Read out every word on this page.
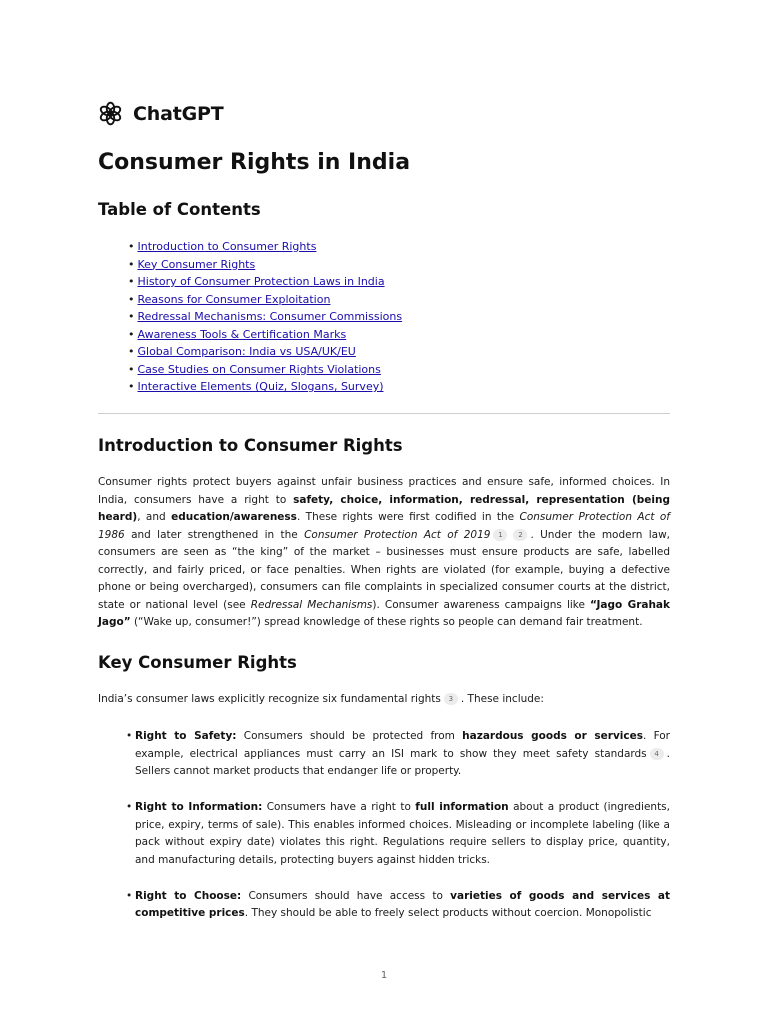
ChatGPT
Consumer Rights in India
Table of Contents
• Introduction to Consumer Rights
• Key Consumer Rights
• History of Consumer Protection Laws in India
• Reasons for Consumer Exploitation
• Redressal Mechanisms: Consumer Commissions
• Awareness Tools & Certification Marks
• Global Comparison: India vs USA/UK/EU
• Case Studies on Consumer Rights Violations
• Interactive Elements (Quiz, Slogans, Survey)
Introduction to Consumer Rights

Consumer rights protect buyers against unfair business practices and ensure safe, informed choices. In India, consumers have a right to safety, choice, information, redressal, representation (being heard), and education/awareness. These rights were first codified in the Consumer Protection Act of 1986 and later strengthened in the Consumer Protection Act of 2019 1 2 . Under the modern law, consumers are seen as “the king” of the market – businesses must ensure products are safe, labelled correctly, and fairly priced, or face penalties. When rights are violated (for example, buying a defective phone or being overcharged), consumers can file complaints in specialized consumer courts at the district, state or national level (see Redressal Mechanisms). Consumer awareness campaigns like “Jago Grahak Jago” (“Wake up, consumer!”) spread knowledge of these rights so people can demand fair treatment.

Key Consumer Rights

India’s consumer laws explicitly recognize six fundamental rights 3 . These include:

• Right to Safety: Consumers should be protected from hazardous goods or services. For example, electrical appliances must carry an ISI mark to show they meet safety standards 4 . Sellers cannot market products that endanger life or property.
• Right to Information: Consumers have a right to full information about a product (ingredients, price, expiry, terms of sale). This enables informed choices. Misleading or incomplete labeling (like a pack without expiry date) violates this right. Regulations require sellers to display price, quantity, and manufacturing details, protecting buyers against hidden tricks.
• Right to Choose: Consumers should have access to varieties of goods and services at competitive prices. They should be able to freely select products without coercion. Monopolistic
1
